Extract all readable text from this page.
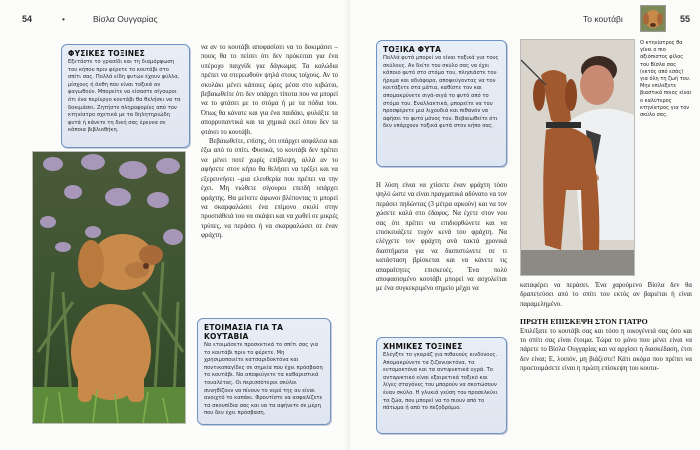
54	•	Βίσλα Ουγγαρίας
ΦΥΣΙΚΕΣ ΤΟΞΙΝΕΣ

Εξετάστε το γρασίδι και τη διαμόρφωση του κήπου πριν φέρετε το κουτάβι στο σπίτι σας. Πολλά είδη φυτών έχουν φύλλα, μίσχους ή άνθη που είναι τοξικά αν φαγωθούν. Μπορείτε να είσαστε σίγουροι ότι ένα περίεργο κουτάβι θα θελήσει να τα δοκιμάσει. Ζητήστε πληροφορίες από τον κτηνίατρο σχετικά με τα δηλητηριώδη φυτά ή κάνετε τη δική σας έρευνα σε κάποια βιβλιοθήκη.

να αν το κουτάβι αποφασίσει να το δοκιμάσει –ποιος θα το πείσει ότι δεν πρόκειται για ένα υπέροχο παιχνίδι για δάγκωμα; Τα καλώδια πρέπει να στερεωθούν ψηλά στους τοίχους. Αν το σκυλάκι μένει κάποιες ώρες μέσα στο κιβώτιο, βεβαιωθείτε ότι δεν υπάρχει τίποτα που να μπορεί να το φτάσει με το στόμα ή με τα πόδια του. Όπως θα κάνατε και για ένα παιδάκι, φυλάξτε τα απορρυπαντικά και τα χημικά εκεί όπου δεν τα φτάνει το κουτάβι.

Βεβαιωθείτε, επίσης, ότι υπάρχει ασφάλεια και έξω από το σπίτι. Φυσικά, το κουτάβι δεν πρέπει να μένει ποτέ χωρίς επίβλεψη, αλλά αν το αφήσετε στον κήπο θα θελήσει να τρέξει και να εξερευνήσει –μια ελευθερία που πρέπει να την έχει. Μη νιώθετε σίγουροι επειδή υπάρχει φράχτης. Θα μείνετε άφωνοι βλέποντας τι μπορεί να σκαρφαλώσει ένα επίμονο σκυλί στην προσπάθειά του να σκάψει και να χωθεί σε μικρές τρύπες, να περάσει ή να σκαρφαλώσει σε έναν φράχτη.

ΕΤΟΙΜΑΣΙΑ ΓΙΑ ΤΑ ΚΟΥΤΑΒΙΑ

Να ετοιμάσετε προσεκτικά το σπίτι σας για το κουτάβι πριν το φέρετε. Μη χρησιμοποιείτε κατσαριδοκτόνα και ποντικοπαγίδες σε σημεία που έχει πρόσβαση το κουτάβι. Να αποφεύγετε τα καθαριστικά τουαλέτας. Οι περισσότεροι σκύλοι συνηθίζουν να πίνουν το νερό της αν είναι ανοιχτό το καπάκι. Φροντίστε να ασφαλίζετε τα σκουπίδια σας και να τα αφήνετε σε μέρη που δεν έχει πρόσβαση.

Το κουτάβι	55
ΤΟΞΙΚΑ ΦΥΤΑ

Πολλά φυτά μπορεί να είναι τοξικά για τους σκύλους. Αν δείτε τον σκύλο σας να έχει κάποιο φυτό στο στόμα του, πλησιάστε τον ήρεμα και αδιάφορα, αποφεύγοντας να τον κοιτάξετε στα μάτια, καθίστε τον και απομακρύνετε σιγά-σιγά το φυτό από το στόμα του. Εναλλακτικά, μπορείτε να του προσφέρετε μια λιχουδιά και πιθανόν να αφήσει το φυτό μόνος του. Βεβαιωθείτε ότι δεν υπάρχουν τοξικά φυτά στον κήπο σας.

Η λύση είναι να χτίσετε έναν φράχτη τόσο ψηλό ώστε να είναι πραγματικά αδύνατο να τον περάσει πηδώντας (3 μέτρα αρκούν) και να τον χώσετε καλά στο έδαφος. Να έχετε στον νου σας ότι πρέπει να επιδιορθώνετε και να επισκευάζετε τυχόν κενά του φράχτη. Να ελέγχετε τον φράχτη ανά τακτά χρονικά διαστήματα για να διαπιστώνετε σε τι κατάσταση βρίσκεται και να κάνετε τις απαραίτητες επισκευές. Ένα πολύ αποφασισμένο κουτάβι μπορεί να ασχολείται με ένα συγκεκριμένο σημείο μέχρι να

ΧΗΜΙΚΕΣ ΤΟΞΙΝΕΣ

Ελέγξτε το γκαράζ για πιθανούς κινδύνους. Απομακρύνετε τα ζιζανιοκτόνα, τα εντομοκτόνα και τα αντιψυκτικά υγρά. Το αντιψυκτικό είναι εξαιρετικά τοξικό και λίγες σταγόνες του μπορούν να σκοτώσουν έναν σκύλο. Η γλυκιά γεύση του προσελκύει τα ζώα, που μπορεί να το πιουν από το πάτωμα ή από το πεζοδρόμιο.

Ο κτηνίατρος θα γίνει ο πιο αξιόπιστος φίλος του Βίσλα σας (εκτός από εσάς) για όλη τη ζωή του. Μην επιλέξετε βιαστικά ποιος είναι ο καλύτερος κτηνίατρος για τον σκύλο σας.

καταφέρει να περάσει. Ένα χαρούμενο Βίσλα δεν θα δραπετεύσει από το σπίτι του εκτός αν βαριέται ή είναι παραμελημένο.

ΠΡΩΤΗ ΕΠΙΣΚΕΨΗ ΣΤΟΝ ΓΙΑΤΡΟ

Επιλέξατε το κουτάβι σας και τόσο η οικογένειά σας όσο και το σπίτι σας είναι έτοιμα. Τώρα το μόνο που μένει είναι να πάρετε το Βίσλα Ουγγαρίας και να αρχίσει η διασκέδαση, έτσι δεν είναι; Ε, λοιπόν, μη βιάζεστε! Κάτι ακόμα που πρέπει να προετοιμάσετε είναι η πρώτη επίσκεψη του κουτα-
